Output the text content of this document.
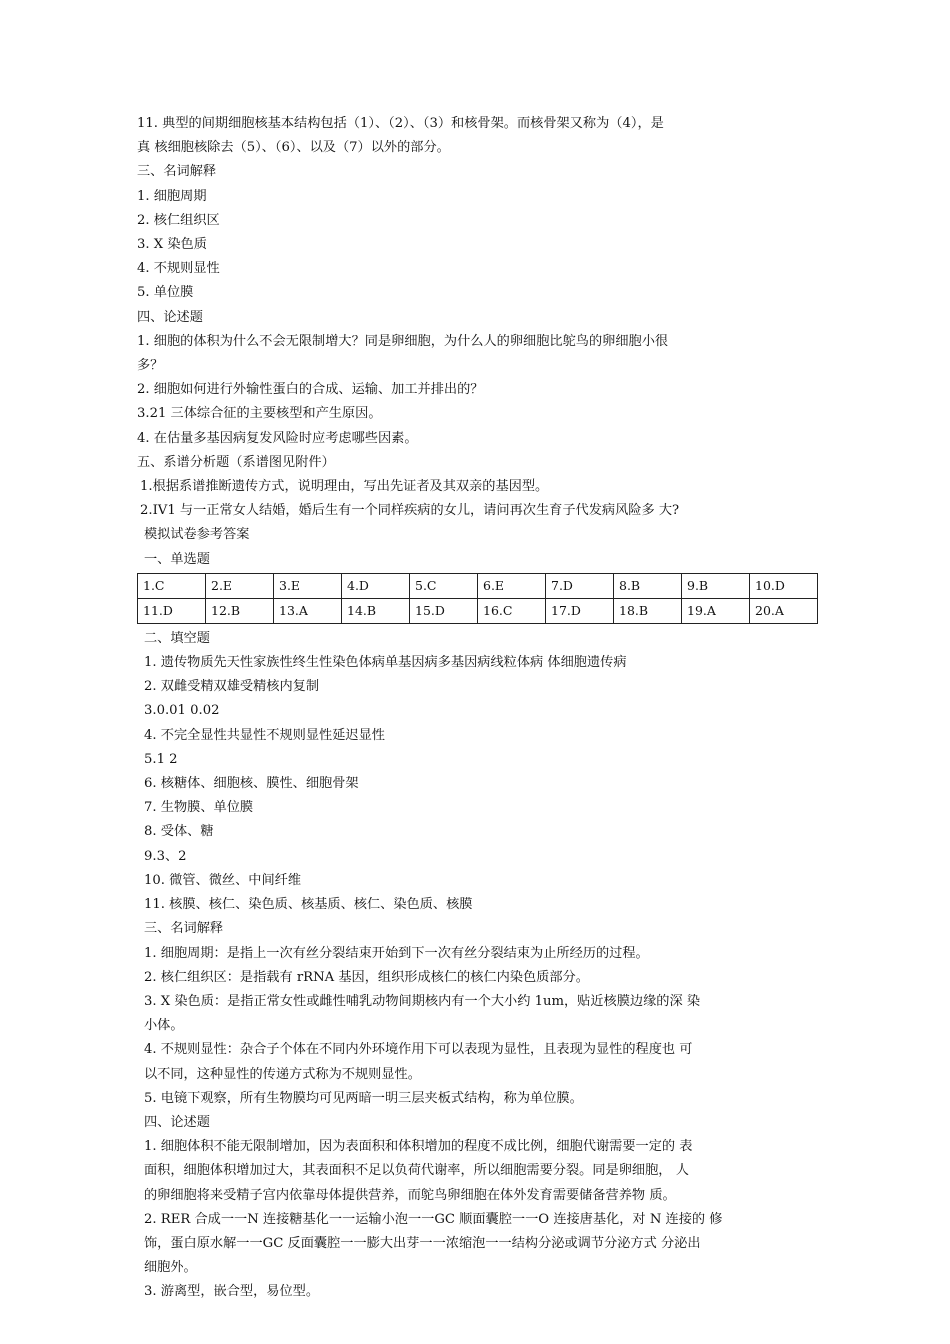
11. 典型的间期细胞核基本结构包括（1）、（2）、（3）和核骨架。而核骨架又称为（4），是
真 核细胞核除去（5）、（6）、以及（7）以外的部分。
三、名词解释
1. 细胞周期
2. 核仁组织区
3. X 染色质
4. 不规则显性
5. 单位膜
四、论述题
1. 细胞的体积为什么不会无限制增大？同是卵细胞，为什么人的卵细胞比鸵鸟的卵细胞小很
多？
2. 细胞如何进行外输性蛋白的合成、运输、加工并排出的？
3.21 三体综合征的主要核型和产生原因。
4. 在估量多基因病复发风险时应考虑哪些因素。
五、系谱分析题（系谱图见附件）
1.根据系谱推断遗传方式，说明理由，写出先证者及其双亲的基因型。
2.IV1 与一正常女人结婚，婚后生有一个同样疾病的女儿，请问再次生育子代发病风险多 大?
模拟试卷参考答案
一、单选题
1.C	2.E	3.E	4.D	5.C	6.E	7.D	8.B	9.B	10.D
11.D	12.B	13.A	14.B	15.D	16.C	17.D	18.B	19.A	20.A
二、填空题
1. 遗传物质先天性家族性终生性染色体病单基因病多基因病线粒体病 体细胞遗传病
2. 双雌受精双雄受精核内复制
3.0.01 0.02
4. 不完全显性共显性不规则显性延迟显性
5.1 2
6. 核糖体、细胞核、膜性、细胞骨架
7. 生物膜、单位膜
8. 受体、糖
9.3、2
10. 微管、微丝、中间纤维
11. 核膜、核仁、染色质、核基质、核仁、染色质、核膜
三、名词解释
1. 细胞周期：是指上一次有丝分裂结束开始到下一次有丝分裂结束为止所经历的过程。
2. 核仁组织区：是指载有 rRNA 基因，组织形成核仁的核仁内染色质部分。
3. X 染色质：是指正常女性或雌性哺乳动物间期核内有一个大小约 1um，贴近核膜边缘的深 染
小体。
4. 不规则显性：杂合子个体在不同内外环境作用下可以表现为显性，且表现为显性的程度也 可
以不同，这种显性的传递方式称为不规则显性。
5. 电镜下观察，所有生物膜均可见两暗一明三层夹板式结构，称为单位膜。
四、论述题
1. 细胞体积不能无限制增加，因为表面积和体积增加的程度不成比例，细胞代谢需要一定的 表
面积，细胞体积增加过大，其表面积不足以负荷代谢率，所以细胞需要分裂。同是卵细胞， 人
的卵细胞将来受精子宫内依靠母体提供营养，而鸵鸟卵细胞在体外发育需要储备营养物 质。
2. RER 合成一一N 连接糖基化一一运输小泡一一GC 顺面囊腔一一O 连接唐基化，对 N 连接的 修
饰，蛋白原水解一一GC 反面囊腔一一膨大出芽一一浓缩泡一一结构分泌或调节分泌方式 分泌出
细胞外。
3. 游离型，嵌合型，易位型。
